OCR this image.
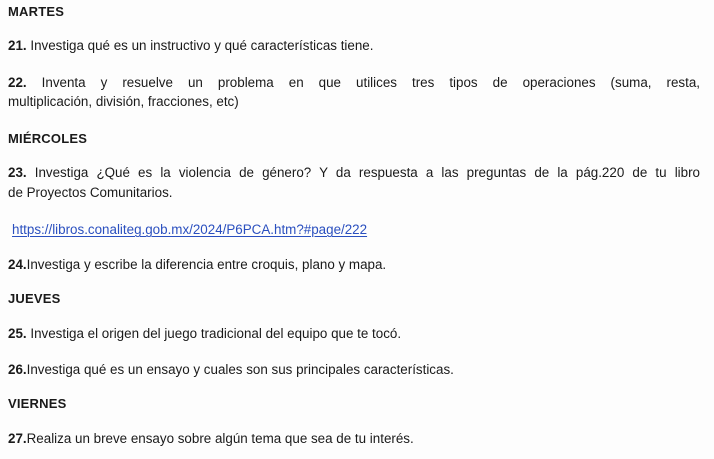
MARTES
21. Investiga qué es un instructivo y qué características tiene.
22. Inventa y resuelve un problema en que utilices tres tipos de operaciones (suma, resta,
multiplicación, división, fracciones, etc)
MIÉRCOLES
23. Investiga ¿Qué es la violencia de género? Y da respuesta a las preguntas de la pág.220 de tu libro
de Proyectos Comunitarios.
https://libros.conaliteg.gob.mx/2024/P6PCA.htm?#page/222
24.Investiga y escribe la diferencia entre croquis, plano y mapa.
JUEVES
25. Investiga el origen del juego tradicional del equipo que te tocó.
26.Investiga qué es un ensayo y cuales son sus principales características.
VIERNES
27.Realiza un breve ensayo sobre algún tema que sea de tu interés.
